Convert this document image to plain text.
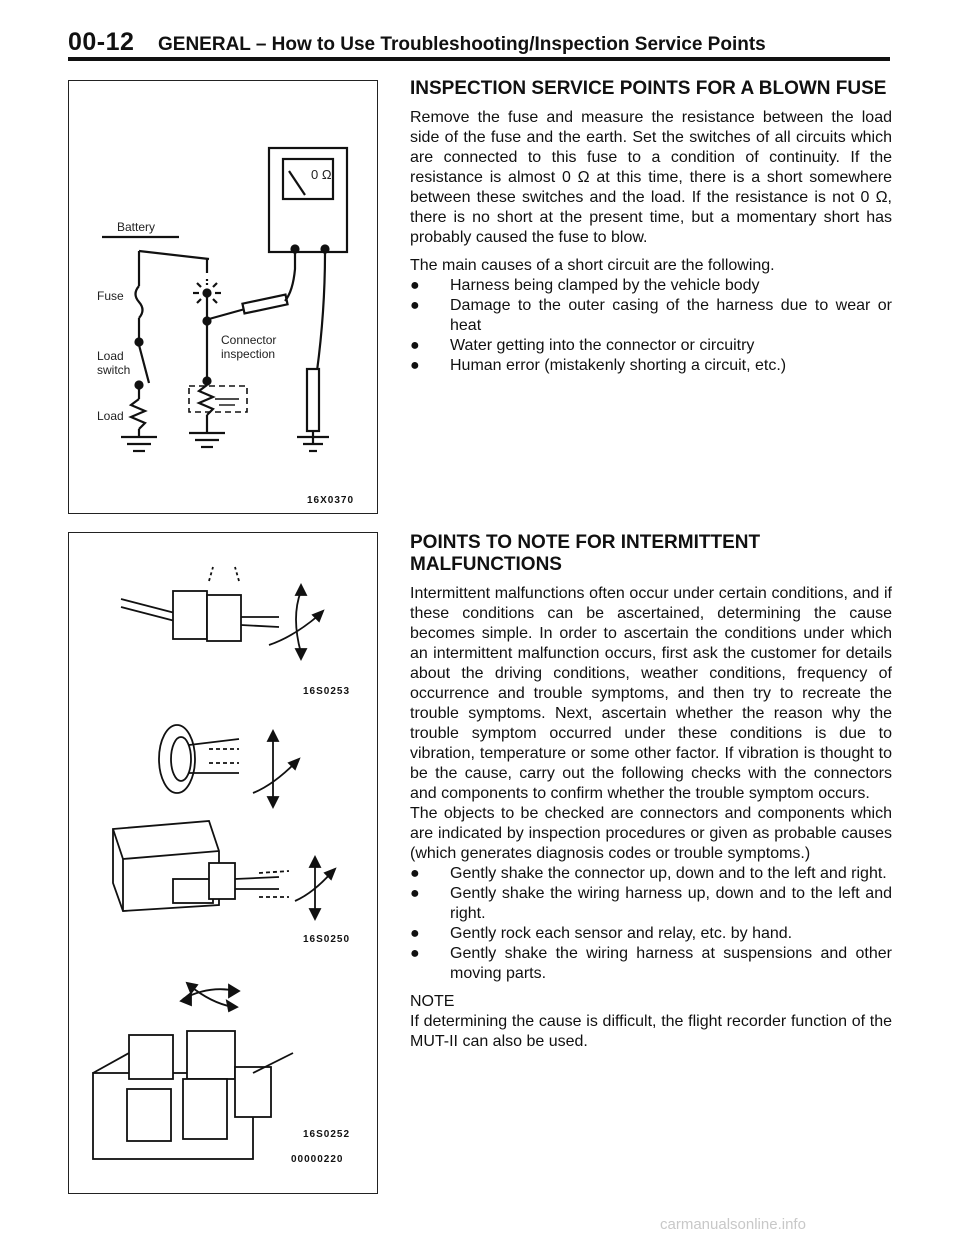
00-12 GENERAL – How to Use Troubleshooting/Inspection Service Points
0 Ω
Battery
Fuse
Load
switch
Load
Connector
inspection
16X0370
16S0253
16S0250
16S0252
00000220
INSPECTION SERVICE POINTS FOR A BLOWN FUSE

Remove the fuse and measure the resistance between the load side of the fuse and the earth. Set the switches of all circuits which are connected to this fuse to a condition of continuity. If the resistance is almost 0 Ω at this time, there is a short somewhere between these switches and the load. If the resistance is not 0 Ω, there is no short at the present time, but a momentary short has probably caused the fuse to blow.

The main causes of a short circuit are the following.

● Harness being clamped by the vehicle body
● Damage to the outer casing of the harness due to wear or heat
● Water getting into the connector or circuitry
● Human error (mistakenly shorting a circuit, etc.)
POINTS TO NOTE FOR INTERMITTENT MALFUNCTIONS

Intermittent malfunctions often occur under certain conditions, and if these conditions can be ascertained, determining the cause becomes simple. In order to ascertain the conditions under which an intermittent malfunction occurs, first ask the customer for details about the driving conditions, weather conditions, frequency of occurrence and trouble symptoms, and then try to recreate the trouble symptoms. Next, ascertain whether the reason why the trouble symptom occurred under these conditions is due to vibration, temperature or some other factor. If vibration is thought to be the cause, carry out the following checks with the connectors and components to confirm whether the trouble symptom occurs.

The objects to be checked are connectors and components which are indicated by inspection procedures or given as probable causes (which generates diagnosis codes or trouble symptoms.)

● Gently shake the connector up, down and to the left and right.
● Gently shake the wiring harness up, down and to the left and right.
● Gently rock each sensor and relay, etc. by hand.
● Gently shake the wiring harness at suspensions and other moving parts.

NOTE

If determining the cause is difficult, the flight recorder function of the MUT-II can also be used.

carmanualsonline.info
